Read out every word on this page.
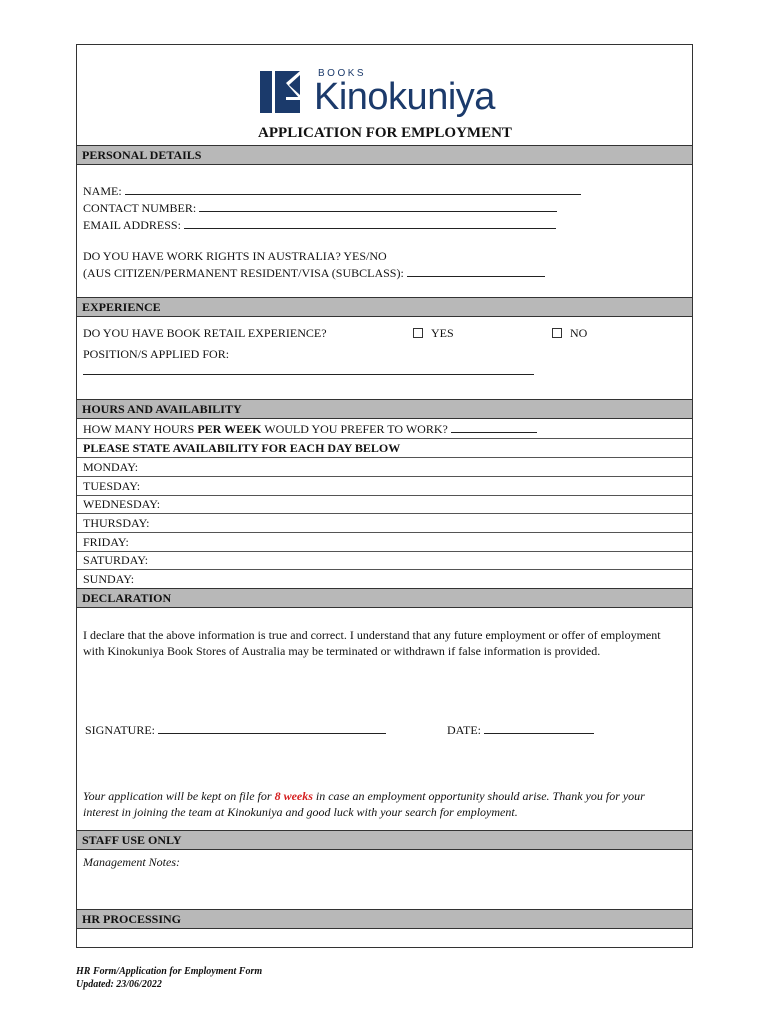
BOOKS
Kinokuniya
APPLICATION FOR EMPLOYMENT
PERSONAL DETAILS
NAME:
CONTACT NUMBER:
EMAIL ADDRESS:
DO YOU HAVE WORK RIGHTS IN AUSTRALIA? YES/NO
(AUS CITIZEN/PERMANENT RESIDENT/VISA (SUBCLASS):
EXPERIENCE
DO YOU HAVE BOOK RETAIL EXPERIENCE?	YES	NO
POSITION/S APPLIED FOR:
HOURS AND AVAILABILITY
HOW MANY HOURS PER WEEK WOULD YOU PREFER TO WORK?
PLEASE STATE AVAILABILITY FOR EACH DAY BELOW
MONDAY:
TUESDAY:
WEDNESDAY:
THURSDAY:
FRIDAY:
SATURDAY:
SUNDAY:
DECLARATION
I declare that the above information is true and correct. I understand that any future employment or offer of employment with Kinokuniya Book Stores of Australia may be terminated or withdrawn if false information is provided.
SIGNATURE:	DATE:
Your application will be kept on file for 8 weeks in case an employment opportunity should arise. Thank you for your interest in joining the team at Kinokuniya and good luck with your search for employment.
STAFF USE ONLY
Management Notes:
HR PROCESSING
HR Form/Application for Employment Form
Updated: 23/06/2022
